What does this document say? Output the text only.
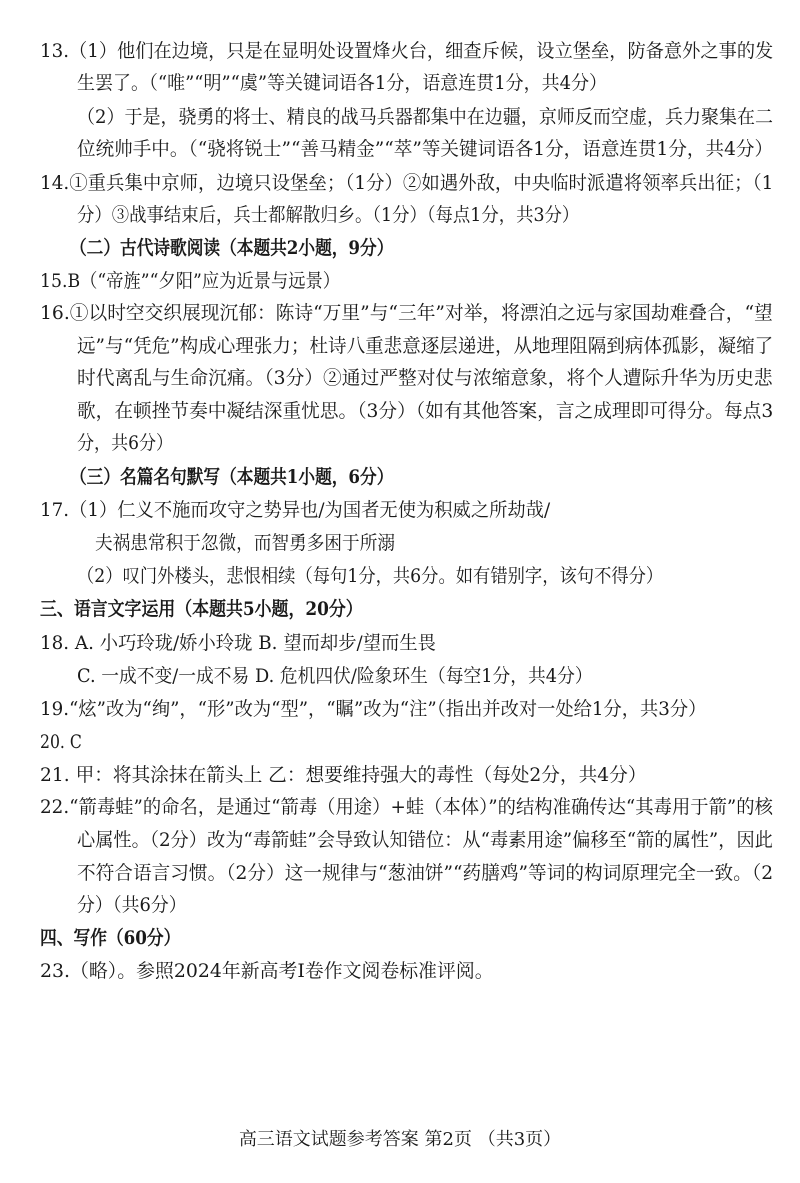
13.（1）他们在边境，只是在显明处设置烽火台，细查斥候，设立堡垒，防备意外之事的发
生罢了。（“唯”“明”“虞”等关键词语各1分，语意连贯1分，共4分）
（2）于是，骁勇的将士、精良的战马兵器都集中在边疆，京师反而空虚，兵力聚集在二
位统帅手中。（“骁将锐士”“善马精金”“萃”等关键词语各1分，语意连贯1分，共4分）
14.①重兵集中京师，边境只设堡垒；（1分）②如遇外敌，中央临时派遣将领率兵出征；（1
分）③战事结束后，兵士都解散归乡。（1分）（每点1分，共3分）
（二）古代诗歌阅读（本题共2小题，9分）
15.B（“帝旌”“夕阳”应为近景与远景）
16.①以时空交织展现沉郁：陈诗“万里”与“三年”对举，将漂泊之远与家国劫难叠合，“望
远”与“凭危”构成心理张力；杜诗八重悲意逐层递进，从地理阻隔到病体孤影，凝缩了
时代离乱与生命沉痛。（3分）②通过严整对仗与浓缩意象，将个人遭际升华为历史悲
歌，在顿挫节奏中凝结深重忧思。（3分）（如有其他答案，言之成理即可得分。每点3
分，共6分）
（三）名篇名句默写（本题共1小题，6分）
17.（1）仁义不施而攻守之势异也/为国者无使为积威之所劫哉/
夫祸患常积于忽微，而智勇多困于所溺
（2）叹门外楼头，悲恨相续（每句1分，共6分。如有错别字，该句不得分）
三、语言文字运用（本题共5小题，20分）
18. A. 小巧玲珑/娇小玲珑 B. 望而却步/望而生畏
C. 一成不变/一成不易 D. 危机四伏/险象环生（每空1分，共4分）
19.“炫”改为“绚”，“形”改为“型”，“瞩”改为“注”（指出并改对一处给1分，共3分）
20. C
21. 甲：将其涂抹在箭头上 乙：想要维持强大的毒性（每处2分，共4分）
22.“箭毒蛙”的命名，是通过“箭毒（用途）+蛙（本体）”的结构准确传达“其毒用于箭”的核
心属性。（2分）改为“毒箭蛙”会导致认知错位：从“毒素用途”偏移至“箭的属性”，因此
不符合语言习惯。（2分）这一规律与“葱油饼”“药膳鸡”等词的构词原理完全一致。（2
分）（共6分）
四、写作（60分）
23.（略）。参照2024年新高考Ⅰ卷作文阅卷标准评阅。
高三语文试题参考答案 第2页 （共3页）
